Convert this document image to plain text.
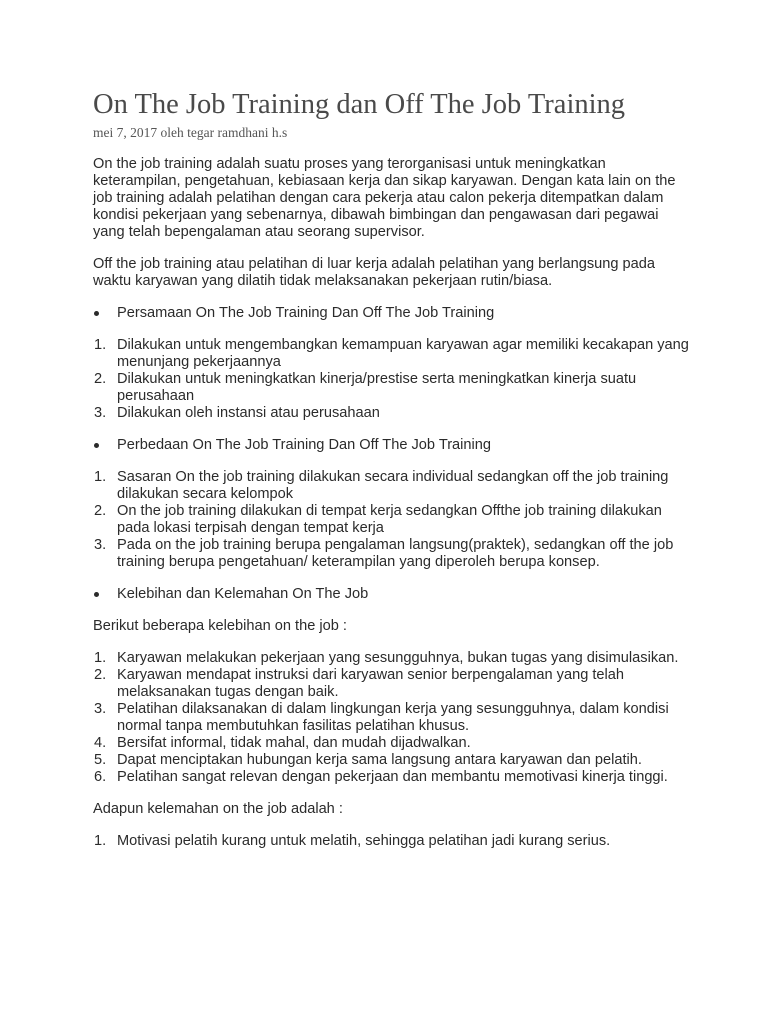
On The Job Training dan Off The Job Training
mei 7, 2017 oleh tegar ramdhani h.s

On the job training adalah suatu proses yang terorganisasi untuk meningkatkan keterampilan, pengetahuan, kebiasaan kerja dan sikap karyawan. Dengan kata lain on the job training adalah pelatihan dengan cara pekerja atau calon pekerja ditempatkan dalam kondisi pekerjaan yang sebenarnya, dibawah bimbingan dan pengawasan dari pegawai yang telah bepengalaman atau seorang supervisor.

Off the job training atau pelatihan di luar kerja adalah pelatihan yang berlangsung pada waktu karyawan yang dilatih tidak melaksanakan pekerjaan rutin/biasa.

Persamaan On The Job Training Dan Off The Job Training
1. Dilakukan untuk mengembangkan kemampuan karyawan agar memiliki kecakapan yang menunjang pekerjaannya
2. Dilakukan untuk meningkatkan kinerja/prestise serta meningkatkan kinerja suatu perusahaan
3. Dilakukan oleh instansi atau perusahaan
Perbedaan On The Job Training Dan Off The Job Training
1. Sasaran On the job training dilakukan secara individual sedangkan off the job training dilakukan secara kelompok
2. On the job training dilakukan di tempat kerja sedangkan Offthe job training dilakukan pada lokasi terpisah dengan tempat kerja
3. Pada on the job training berupa pengalaman langsung(praktek), sedangkan off the job training berupa pengetahuan/ keterampilan yang diperoleh berupa konsep.
Kelebihan dan Kelemahan On The Job

Berikut beberapa kelebihan on the job :

1. Karyawan melakukan pekerjaan yang sesungguhnya, bukan tugas yang disimulasikan.
2. Karyawan mendapat instruksi dari karyawan senior berpengalaman yang telah melaksanakan tugas dengan baik.
3. Pelatihan dilaksanakan di dalam lingkungan kerja yang sesungguhnya, dalam kondisi normal tanpa membutuhkan fasilitas pelatihan khusus.
4. Bersifat informal, tidak mahal, dan mudah dijadwalkan.
5. Dapat menciptakan hubungan kerja sama langsung antara karyawan dan pelatih.
6. Pelatihan sangat relevan dengan pekerjaan dan membantu memotivasi kinerja tinggi.

Adapun kelemahan on the job adalah :

1. Motivasi pelatih kurang untuk melatih, sehingga pelatihan jadi kurang serius.
